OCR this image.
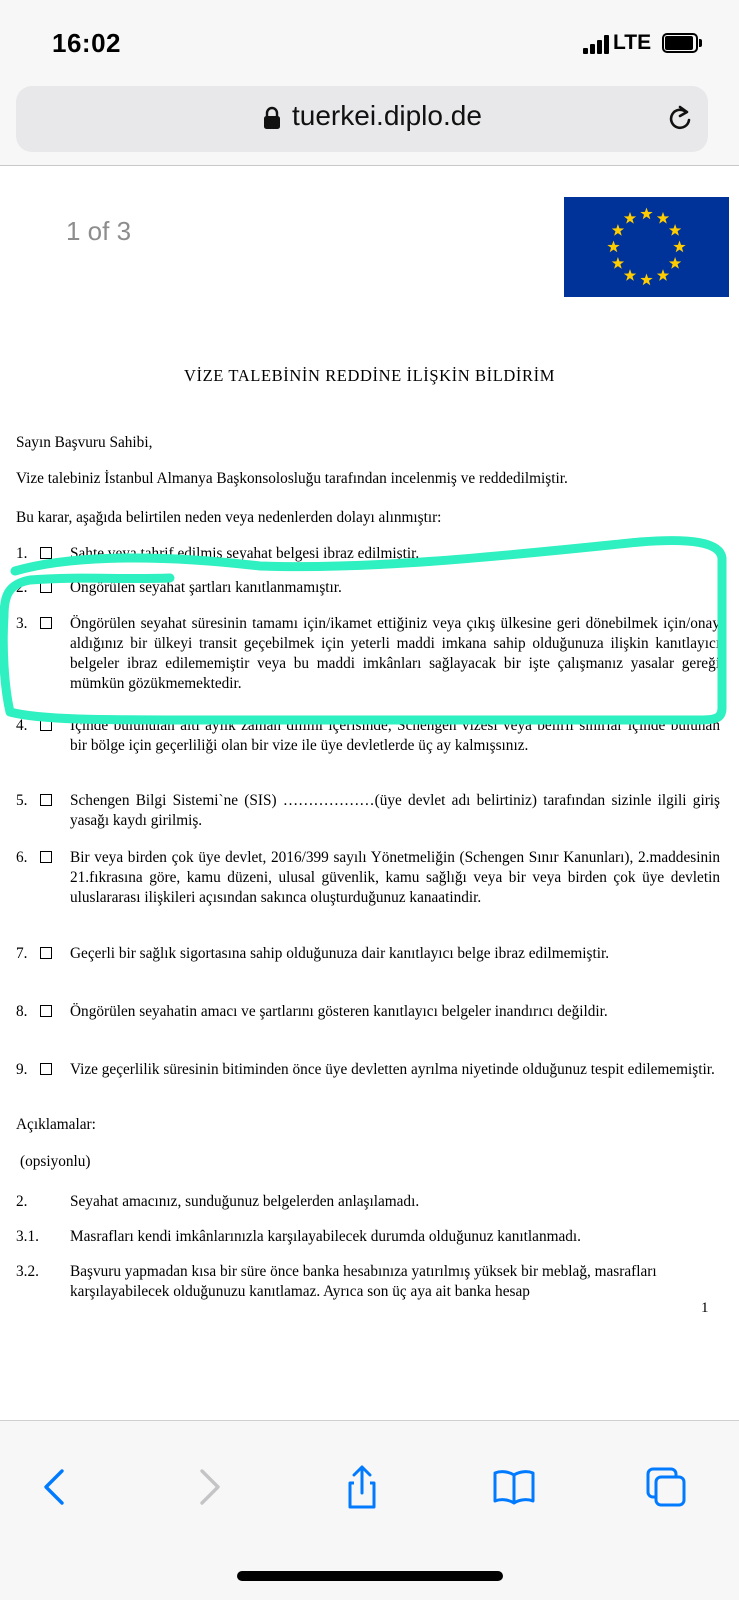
16:02	LTE
tuerkei.diplo.de
1 of 3
VİZE TALEBİNİN REDDİNE İLİŞKİN BİLDİRİM
Sayın Başvuru Sahibi,
Vize talebiniz İstanbul Almanya Başkonsolosluğu tarafından incelenmiş ve reddedilmiştir.
Bu karar, aşağıda belirtilen neden veya nedenlerden dolayı alınmıştır:
1.	Sahte veya tahrif edilmiş seyahat belgesi ibraz edilmiştir.
2.	Öngörülen seyahat şartları kanıtlanmamıştır.
3.	Öngörülen seyahat süresinin tamamı için/ikamet ettiğiniz veya çıkış ülkesine geri dönebilmek için/onay aldığınız bir ülkeyi transit geçebilmek için yeterli maddi imkana sahip olduğunuza ilişkin kanıtlayıcı belgeler ibraz edilememiştir veya bu maddi imkânları sağlayacak bir işte çalışmanız yasalar gereği mümkün gözükmemektedir.
4.	İçinde bulunulan altı aylık zaman dilimi içerisinde, Schengen vizesi veya belirli sınırlar içinde bulunan bir bölge için geçerliliği olan bir vize ile üye devletlerde üç ay kalmışsınız.
5.	Schengen Bilgi Sistemi`ne (SIS) ………………(üye devlet adı belirtiniz) tarafından sizinle ilgili giriş yasağı kaydı girilmiş.
6.	Bir veya birden çok üye devlet, 2016/399 sayılı Yönetmeliğin (Schengen Sınır Kanunları), 2.maddesinin 21.fıkrasına göre, kamu düzeni, ulusal güvenlik, kamu sağlığı veya bir veya birden çok üye devletin uluslararası ilişkileri açısından sakınca oluşturduğunuz kanaatindir.
7.	Geçerli bir sağlık sigortasına sahip olduğunuza dair kanıtlayıcı belge ibraz edilmemiştir.
8.	Öngörülen seyahatin amacı ve şartlarını gösteren kanıtlayıcı belgeler inandırıcı değildir.
9.	Vize geçerlilik süresinin bitiminden önce üye devletten ayrılma niyetinde olduğunuz tespit edilememiştir.
Açıklamalar:
(opsiyonlu)
2.	Seyahat amacınız, sunduğunuz belgelerden anlaşılamadı.
3.1. Masrafları kendi imkânlarınızla karşılayabilecek durumda olduğunuz kanıtlanmadı.
3.2. Başvuru yapmadan kısa bir süre önce banka hesabınıza yatırılmış yüksek bir meblağ, masrafları karşılayabilecek olduğunuzu kanıtlamaz. Ayrıca son üç aya ait banka hesap
1
